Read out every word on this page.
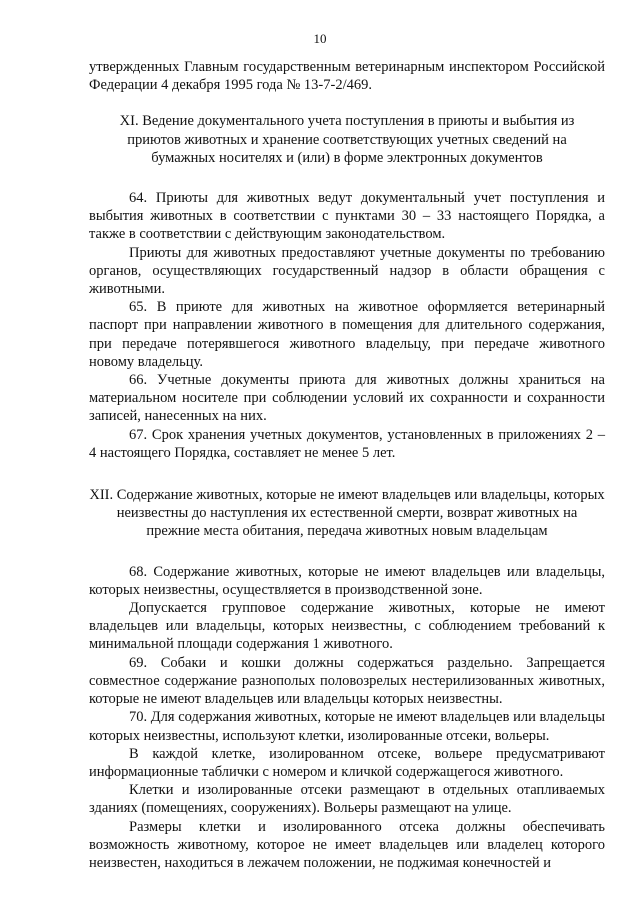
10

утвержденных Главным государственным ветеринарным инспектором Российской Федерации 4 декабря 1995 года № 13-7-2/469.

XI. Ведение документального учета поступления в приюты и выбытия из приютов животных и хранение соответствующих учетных сведений на бумажных носителях и (или) в форме электронных документов

64. Приюты для животных ведут документальный учет поступления и выбытия животных в соответствии с пунктами 30 – 33 настоящего Порядка, а также в соответствии с действующим законодательством.

Приюты для животных предоставляют учетные документы по требованию органов, осуществляющих государственный надзор в области обращения с животными.

65. В приюте для животных на животное оформляется ветеринарный паспорт при направлении животного в помещения для длительного содержания, при передаче потерявшегося животного владельцу, при передаче животного новому владельцу.

66. Учетные документы приюта для животных должны храниться на материальном носителе при соблюдении условий их сохранности и сохранности записей, нанесенных на них.

67. Срок хранения учетных документов, установленных в приложениях 2 – 4 настоящего Порядка, составляет не менее 5 лет.

XII. Содержание животных, которые не имеют владельцев или владельцы, которых неизвестны до наступления их естественной смерти, возврат животных на прежние места обитания, передача животных новым владельцам

68. Содержание животных, которые не имеют владельцев или владельцы, которых неизвестны, осуществляется в производственной зоне.

Допускается групповое содержание животных, которые не имеют владельцев или владельцы, которых неизвестны, с соблюдением требований к минимальной площади содержания 1 животного.

69. Собаки и кошки должны содержаться раздельно. Запрещается совместное содержание разнополых половозрелых нестерилизованных животных, которые не имеют владельцев или владельцы которых неизвестны.

70. Для содержания животных, которые не имеют владельцев или владельцы которых неизвестны, используют клетки, изолированные отсеки, вольеры.

В каждой клетке, изолированном отсеке, вольере предусматривают информационные таблички с номером и кличкой содержащегося животного.

Клетки и изолированные отсеки размещают в отдельных отапливаемых зданиях (помещениях, сооружениях). Вольеры размещают на улице.

Размеры клетки и изолированного отсека должны обеспечивать возможность животному, которое не имеет владельцев или владелец которого неизвестен, находиться в лежачем положении, не поджимая конечностей и
